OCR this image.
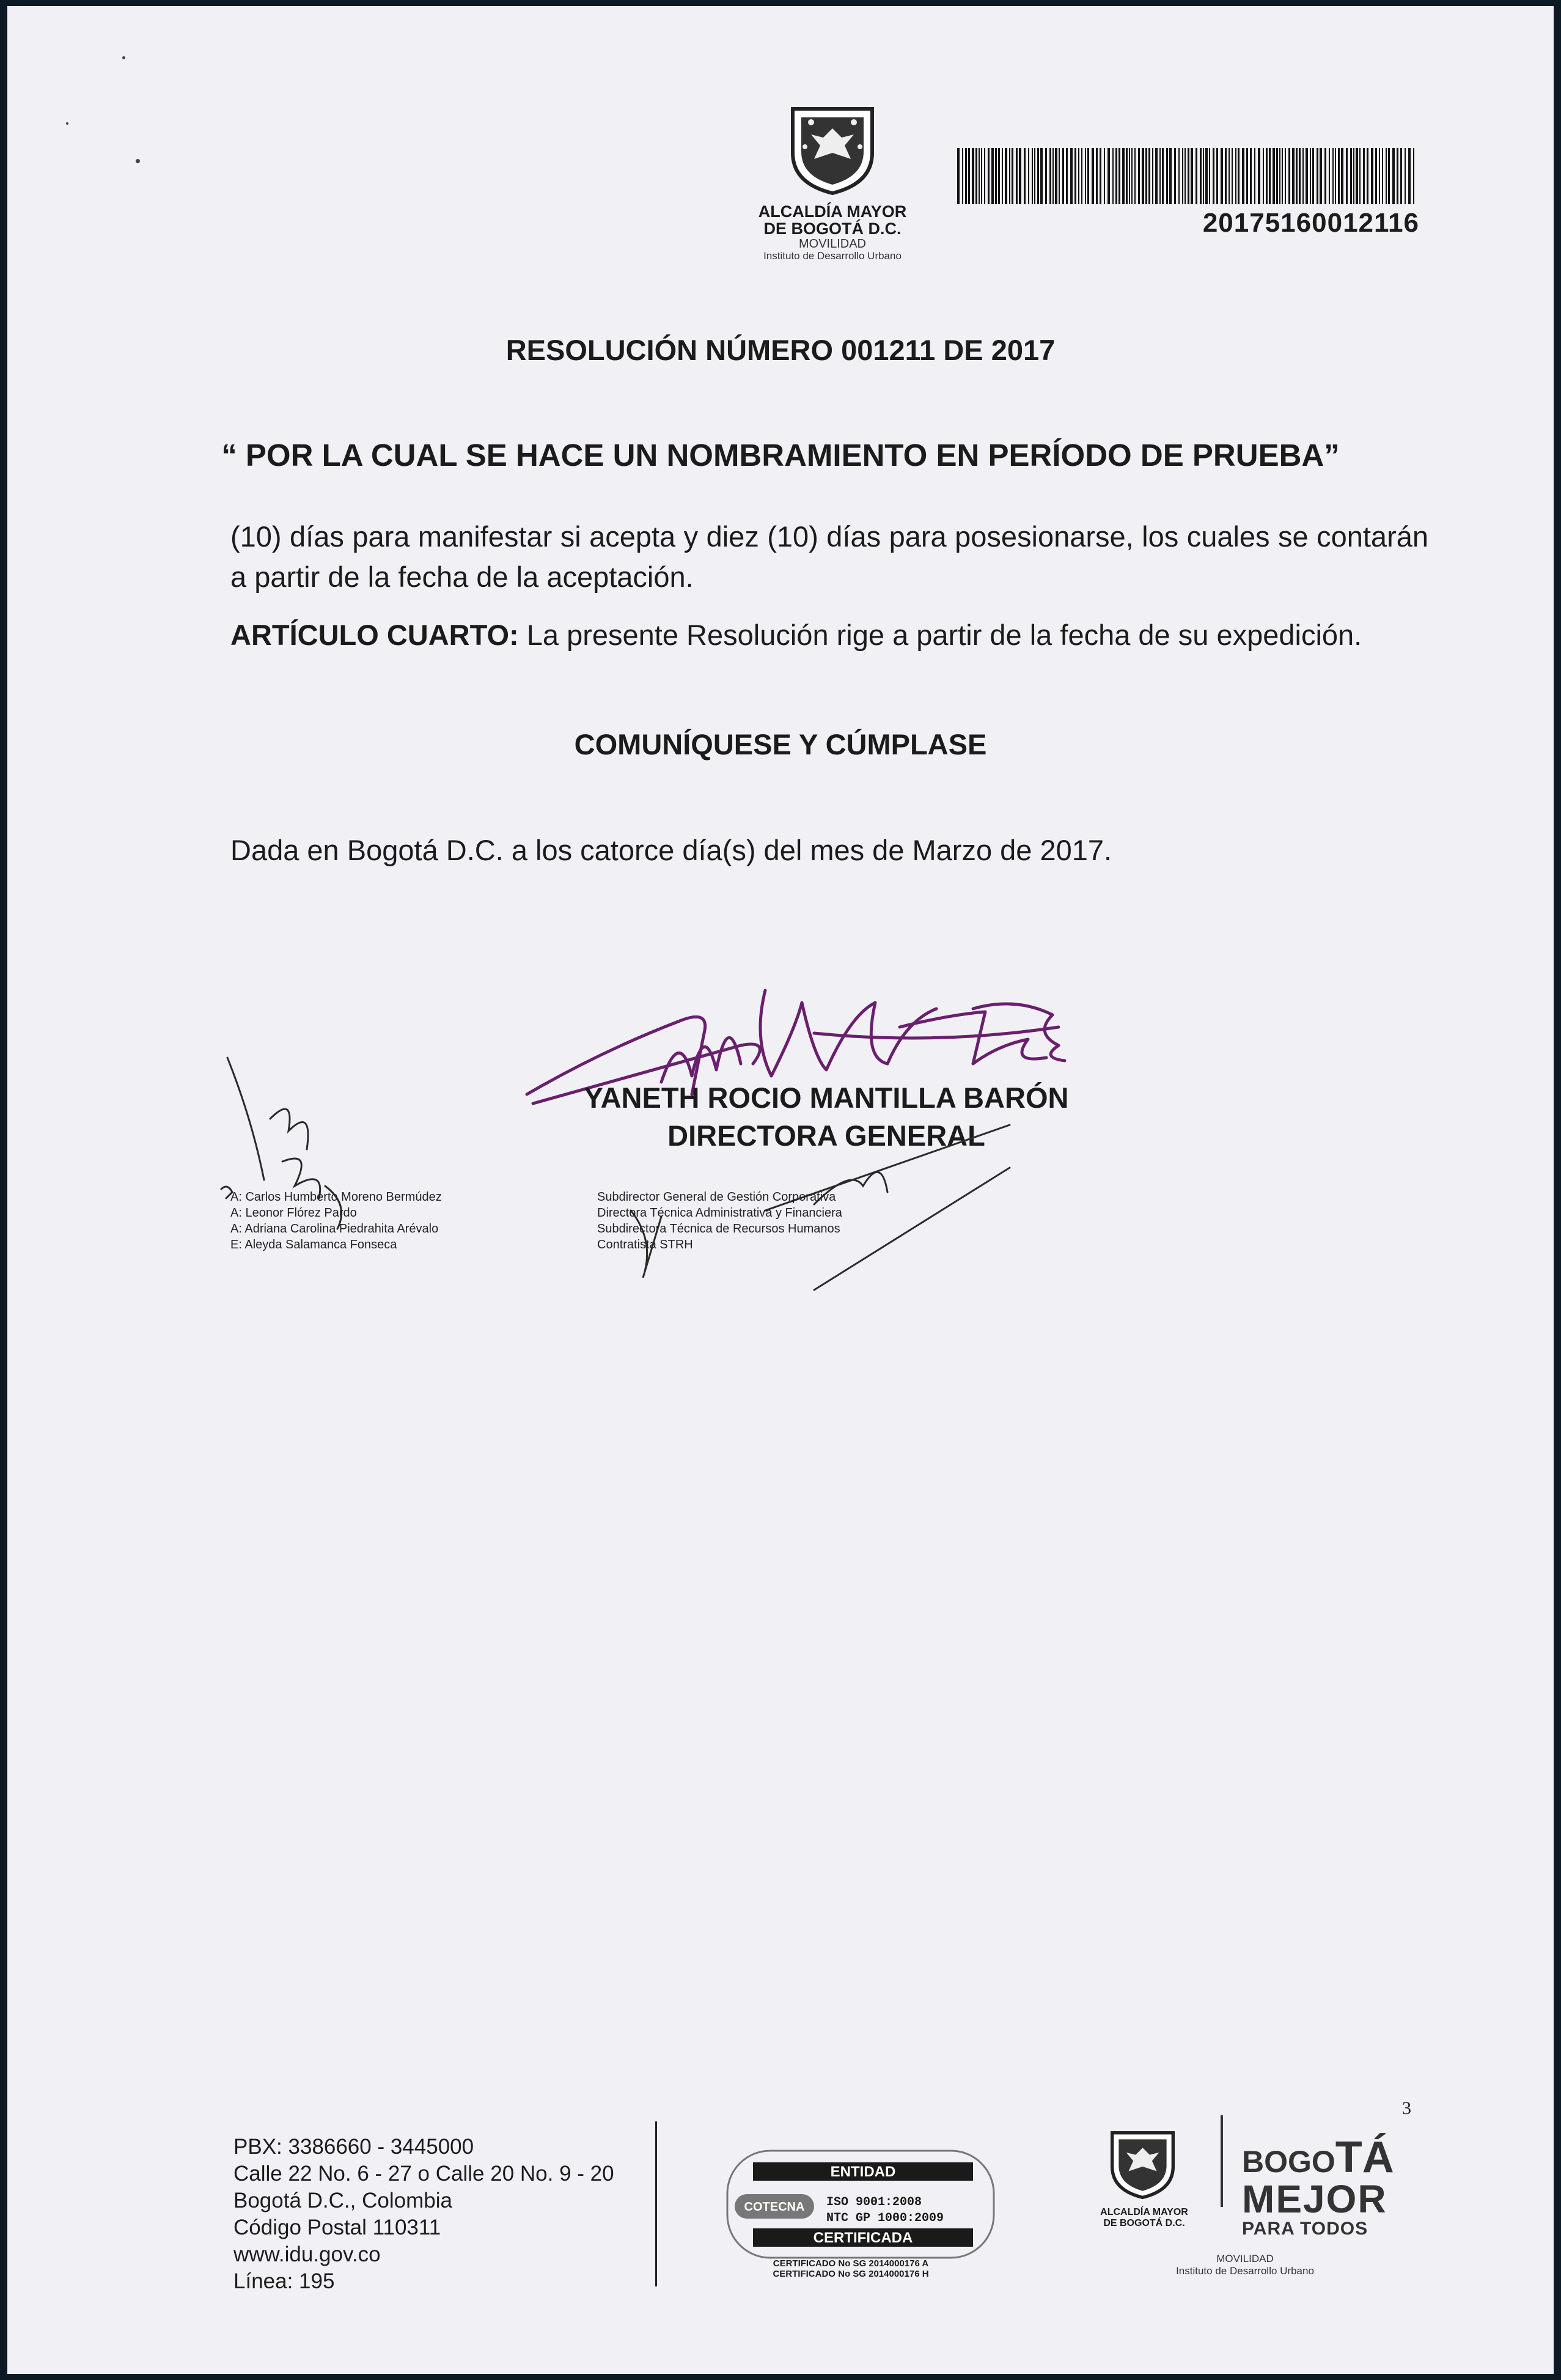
ALCALDÍA MAYOR
DE BOGOTÁ D.C.
MOVILIDAD
Instituto de Desarrollo Urbano
20175160012116
RESOLUCIÓN NÚMERO 001211 DE 2017
“ POR LA CUAL SE HACE UN NOMBRAMIENTO EN PERÍODO DE PRUEBA”
(10) días para manifestar si acepta y diez (10) días para posesionarse, los cuales se contarán a partir de la fecha de la aceptación.
ARTÍCULO CUARTO: La presente Resolución rige a partir de la fecha de su expedición.
COMUNÍQUESE Y CÚMPLASE
Dada en Bogotá D.C. a los catorce día(s) del mes de Marzo de 2017.
YANETH ROCIO MANTILLA BARÓN
DIRECTORA GENERAL
A: Carlos Humberto Moreno Bermúdez
A: Leonor Flórez Pardo
A: Adriana Carolina Piedrahita Arévalo
E: Aleyda Salamanca Fonseca
Subdirector General de Gestión Corporativa
Directora Técnica Administrativa y Financiera
Subdirectora Técnica de Recursos Humanos
Contratista STRH
3
PBX: 3386660 - 3445000
Calle 22 No. 6 - 27 o Calle 20 No. 9 - 20
Bogotá D.C., Colombia
Código Postal 110311
www.idu.gov.co
Línea: 195
COTECNA
ENTIDAD
ISO 9001:2008
NTC GP 1000:2009
CERTIFICADA
CERTIFICADO No SG 2014000176 A
CERTIFICADO No SG 2014000176 H
ALCALDÍA MAYOR
DE BOGOTÁ D.C.
BOGOTÁ
MEJOR
PARA TODOS
MOVILIDAD
Instituto de Desarrollo Urbano
